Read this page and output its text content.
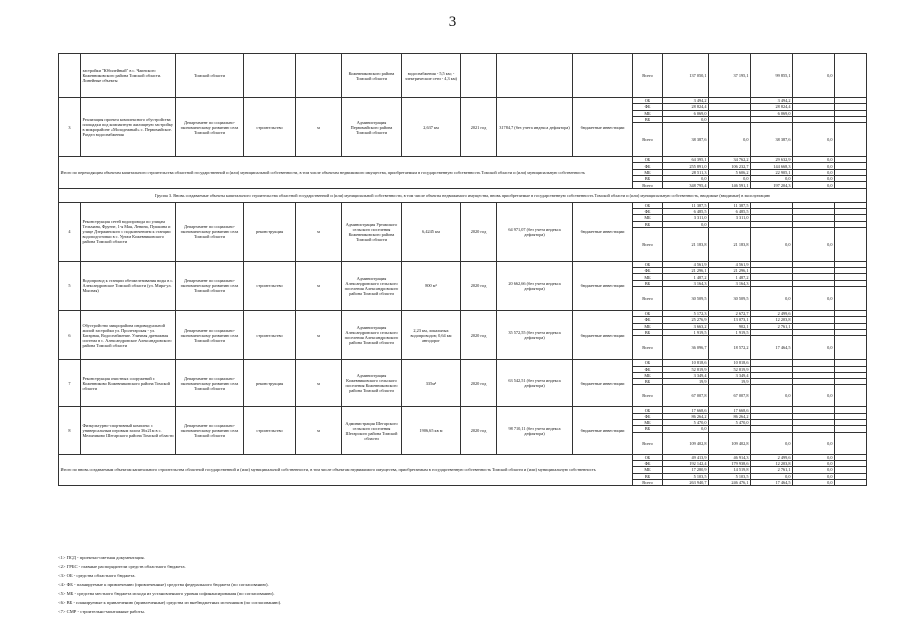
3
	застройки "Юбилейный" в с. Чаинского Кожевниковского района Томской области. Линейные объекты	Томской области			Кожевниковского района Томской области	водоснабжения - 5,5 км; - электрические сети - 4,3 км)				Всего	137 050,1	37 195,1	99 855,1	0,0	
3	Реализация проекта комплексного обустройства площадки под компактную жилищную застройку в микрорайоне «Молодежный» с. Первомайское. Раздел водоснабжения	Департамент по социально-экономическому развитию села Томской области	строительство	м	Администрация Первомайского района Томской области	2,637 км	2021 год	31784,7 (без учета индекса дефлятора)	бюджетные инвестиции	ОБ	3 494,2		3 494,2		
										ФБ	28 824,4		28 824,4		
										МБ	6 069,0		6 069,0		
										ВБ	0,0				
										Всего	38 387,6	0,0	38 387,6	0,0	
Итого по переходящим объектам капитального строительства областной государственной и (или) муниципальной собственности, в том числе объектам недвижимого имущества, приобретаемым в государственную собственность Томской области и (или) муниципальную собственность										ОБ	64 395,1	34 762,2	29 632,9	0,0	
										ФБ	255 891,0	106 232,7	144 668,3	0,0	
										МБ	28 511,3	5 606,2	22 905,1	0,0	
										ВБ	0,0	0,0	0,0	0,0	
										Всего	348 795,4	146 591,1	197 204,3	0,0	
Группа 3. Вновь создаваемые объекты капитального строительства областной государственной и (или) муниципальной собственности, в том числе объекты недвижимого имущества, вновь приобретаемые в государственную собственность Томской области и (или) муниципальную собственность, вводимые (вводимые) в эксплуатацию															
4	Реконструкция сетей водопровода по улицам Тельмана, Фрунзе, 1-я Мая, Ленина, Пушкина и улице Дзержинского с подключением к станции водоподготовки в с. Уртам Кожевниковского района Томской области	Департамент по социально-экономическому развитию села Томской области	реконструкция	м	Администрация Уртамского сельского поселения Кожевниковского района Томской области	6,4245 км	2020 год	64 971,07 (без учета индекса дефлятора)	бюджетные инвестиции	ОБ	11 387,5	11 387,5			
										ФБ	6 485,5	6 485,5			
										МБ	3 311,0	3 311,0			
										ВБ	0,0				
										Всего	21 183,8	21 183,8	0,0	0,0	
5	Водопровод к станции обезжелезивания воды в с. Александровское Томской области (ул. Мира-ул. Мысная)	Департамент по социально-экономическому развитию села Томской области	строительство	м	Администрация Александровского сельского поселения Александровского района Томской области	800 м³	2020 год	20 662,66 (без учета индекса дефлятора)	бюджетные инвестиции	ОБ	4 561,9	4 561,9			
										ФБ	21 296,1	21 296,1			
										МБ	1 487,2	1 487,2			
										ВБ	3 164,3	3 164,3			
										Всего	30 509,5	30 509,5	0,0	0,0	
6	Обустройство микрорайона индивидуальной жилой застройки ул. Пролетарская - ул. Багарная, Водоснабжение. Уличная дренажная система в с. Александровское Александровского района Томской области	Департамент по социально-экономическому развитию села Томской области	строительство	м	Администрация Александровского сельского поселения Александровского района Томской области	2,23 км, локальных водопроводов; 0,64 км автодорог	2020 год	35 572,55 (без учета индекса дефлятора)	бюджетные инвестиции	ОБ	5 172,3	2 672,7	2 499,6		
										ФБ	25 276,9	13 073,1	12 203,8		
										МБ	3 663,2	902,1	2 761,1		
										ВБ	1 919,5	1 919,5			
										Всего	36 096,7	18 572,2	17 464,5	0,0	
7	Реконструкция очистных сооружений г. Кожевниково Кожевниковского района Томской области	Департамент по социально-экономическому развитию села Томской области	реконструкция	м	Администрация Кожевниковского сельского поселения Кожевниковского района Томской области	335м³	2020 год	63 542,51 (без учета индекса дефлятора)	бюджетные инвестиции	ОБ	10 818,6	10 818,6			
										ФБ	52 819,9	52 819,9			
										МБ	3 349,4	3 349,4			
										ВБ	19,9	19,9			
										Всего	67 007,8	67 007,8	0,0	0,0	
8	Физкультурно-спортивный комплекс с универсальным игровым залом 36x21м в с. Мельниково Шегарского района Томской области	Департамент по социально-экономическому развитию села Томской области	строительство	м	Администрация Шегарского сельского поселения Шегарского района Томской области	1906,65 кв м	2020 год	98 710,11 (без учета индекса дефлятора)	бюджетные инвестиции	ОБ	17 668,6	17 668,6			
										ФБ	86 264,2	86 264,2			
										МБ	5 470,0	5 470,0			
										ВБ	0,0				
										Всего	109 402,8	109 402,8	0,0	0,0	
Итого по вновь создаваемым объектам капитального строительства областной государственной и (или) муниципальной собственности, в том числе объектам недвижимого имущества, приобретаемым в государственную собственность Томской области и (или) муниципальную собственность										ОБ	49 413,9	46 914,3	2 499,6	0,0	
										ФБ	192 142,4	179 938,6	12 203,8	0,0	
										МБ	17 280,9	14 519,8	2 761,1	0,0	
										ВБ	5 103,5	5 103,5	0,0	0,0	
										Всего	263 940,7	246 476,1	17 464,5	0,0	
<1> ПСД - проектно-сметная документация.
<2> ГРБС - главные распорядители средств областного бюджета.
<3> ОБ - средства областного бюджета.
<4> ФБ - планируемые к привлечению (привлеченные) средства федерального бюджета (по согласованию).
<5> МБ - средства местного бюджета исходя из установленного уровня софинансирования (по согласованию).
<6> ВБ - планируемые к привлечению (привлеченные) средства из внебюджетных источников (по согласованию).
<7> СМР - строительно-монтажные работы.
